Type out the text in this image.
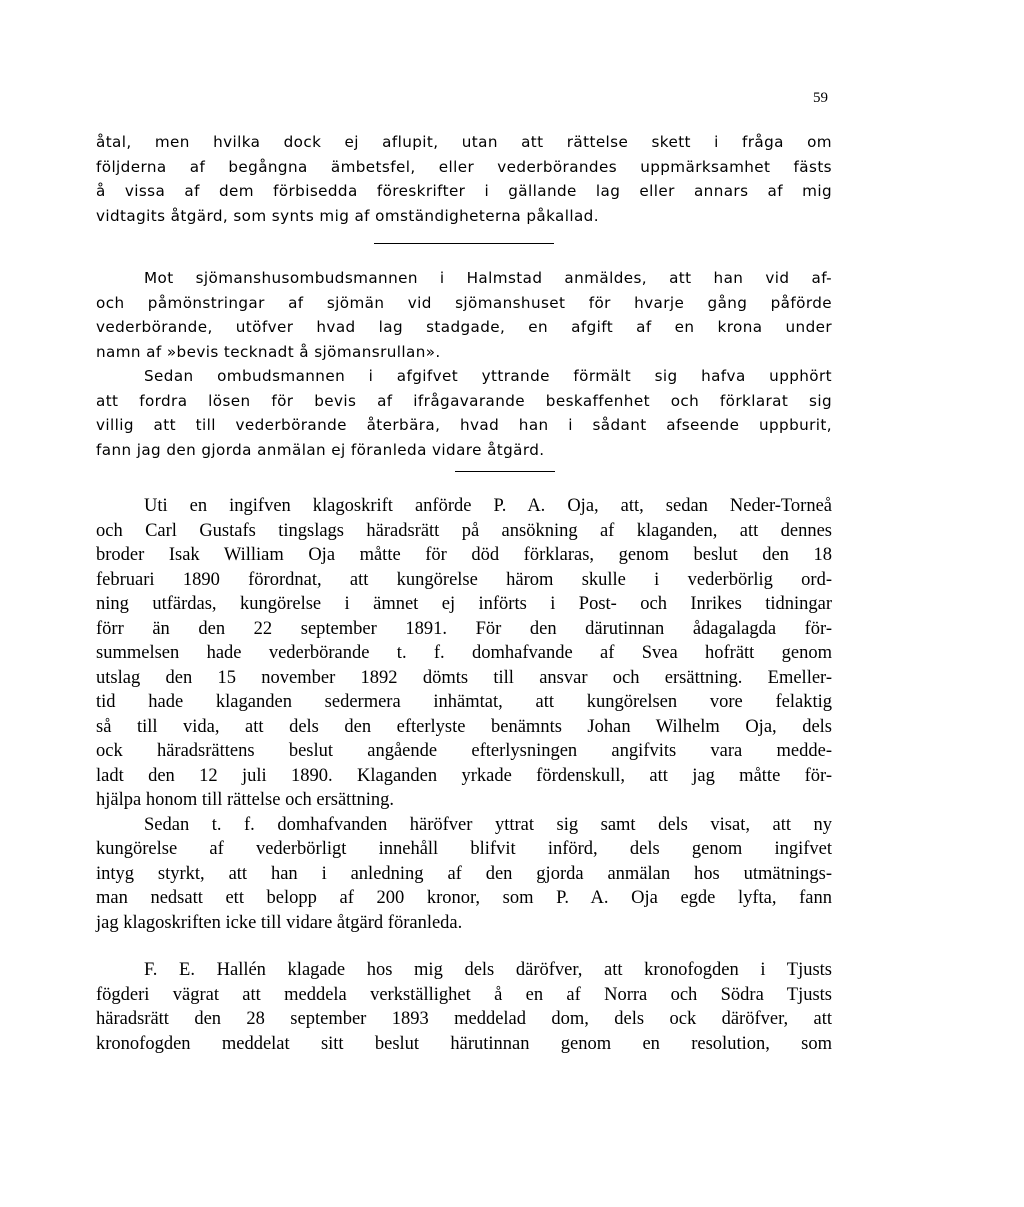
59
åtal, men hvilka dock ej aflupit, utan att rättelse skett i fråga om
följderna af begångna ämbetsfel, eller vederbörandes uppmärksamhet fästs
å vissa af dem förbisedda föreskrifter i gällande lag eller annars af mig
vidtagits åtgärd, som synts mig af omständigheterna påkallad.
Mot sjömanshusombudsmannen i Halmstad anmäldes, att han vid af-
och påmönstringar af sjömän vid sjömanshuset för hvarje gång påförde
vederbörande, utöfver hvad lag stadgade, en afgift af en krona under
namn af »bevis tecknadt å sjömansrullan».
Sedan ombudsmannen i afgifvet yttrande förmält sig hafva upphört
att fordra lösen för bevis af ifrågavarande beskaffenhet och förklarat sig
villig att till vederbörande återbära, hvad han i sådant afseende uppburit,
fann jag den gjorda anmälan ej föranleda vidare åtgärd.
Uti en ingifven klagoskrift anförde P. A. Oja, att, sedan Neder-Torneå
och Carl Gustafs tingslags häradsrätt på ansökning af klaganden, att dennes
broder Isak William Oja måtte för död förklaras, genom beslut den 18
februari 1890 förordnat, att kungörelse härom skulle i vederbörlig ord-
ning utfärdas, kungörelse i ämnet ej införts i Post- och Inrikes tidningar
förr än den 22 september 1891. För den därutinnan ådagalagda för-
summelsen hade vederbörande t. f. domhafvande af Svea hofrätt genom
utslag den 15 november 1892 dömts till ansvar och ersättning. Emeller-
tid hade klaganden sedermera inhämtat, att kungörelsen vore felaktig
så till vida, att dels den efterlyste benämnts Johan Wilhelm Oja, dels
ock häradsrättens beslut angående efterlysningen angifvits vara medde-
ladt den 12 juli 1890. Klaganden yrkade fördenskull, att jag måtte för-
hjälpa honom till rättelse och ersättning.
Sedan t. f. domhafvanden häröfver yttrat sig samt dels visat, att ny
kungörelse af vederbörligt innehåll blifvit införd, dels genom ingifvet
intyg styrkt, att han i anledning af den gjorda anmälan hos utmätnings-
man nedsatt ett belopp af 200 kronor, som P. A. Oja egde lyfta, fann
jag klagoskriften icke till vidare åtgärd föranleda.
F. E. Hallén klagade hos mig dels däröfver, att kronofogden i Tjusts
fögderi vägrat att meddela verkställighet å en af Norra och Södra Tjusts
häradsrätt den 28 september 1893 meddelad dom, dels ock däröfver, att
kronofogden meddelat sitt beslut härutinnan genom en resolution, som
